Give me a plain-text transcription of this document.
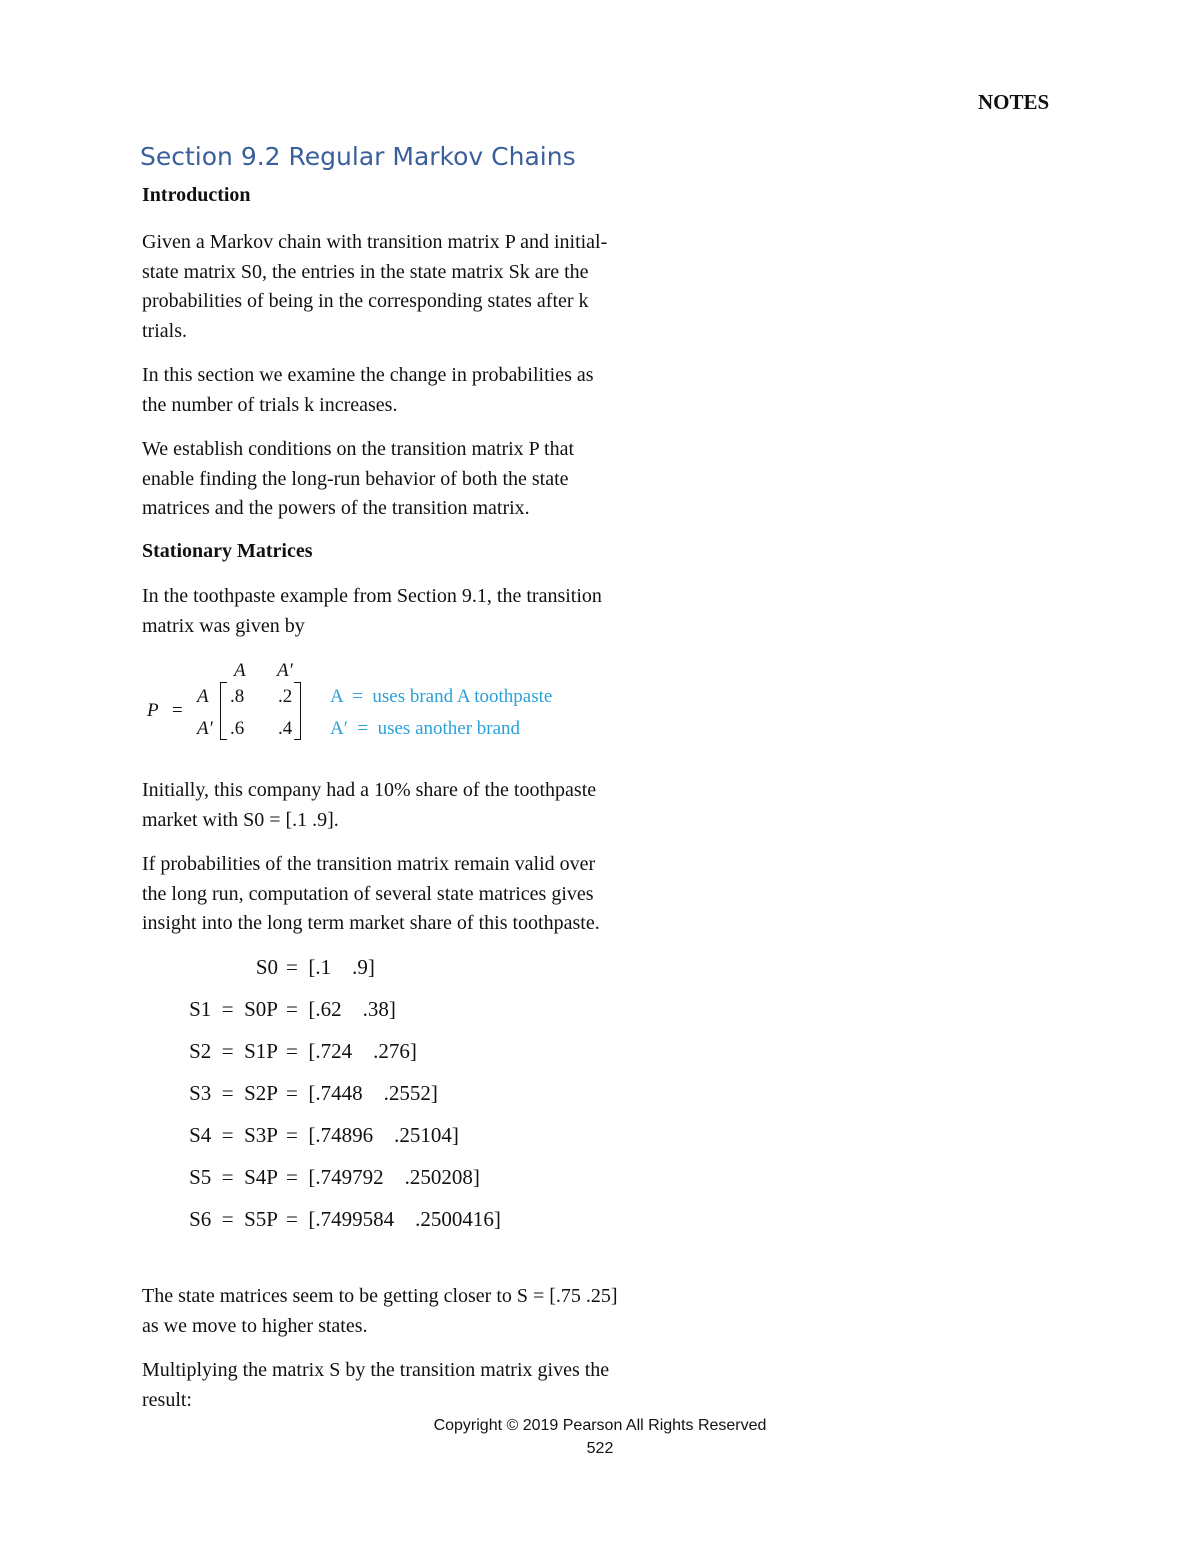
NOTES
Section 9.2 Regular Markov Chains
Introduction

Given a Markov chain with transition matrix P and initial-
state matrix S0, the entries in the state matrix Sk are the
probabilities of being in the corresponding states after k
trials.

In this section we examine the change in probabilities as
the number of trials k increases.

We establish conditions on the transition matrix P that
enable finding the long-run behavior of both the state
matrices and the powers of the transition matrix.

Stationary Matrices

In the toothpaste example from Section 9.1, the transition
matrix was given by

P =
A A′
A
A′
.8 .2
.6 .4
A  =  uses brand A toothpaste
A′  =  uses another brand

Initially, this company had a 10% share of the toothpaste
market with S0 = [.1 .9].

If probabilities of the transition matrix remain valid over
the long run, computation of several state matrices gives
insight into the long term market share of this toothpaste.

S0 =  [.1    .9]
S1  =  S0P =  [.62    .38]
S2  =  S1P =  [.724    .276]
S3  =  S2P =  [.7448    .2552]
S4  =  S3P =  [.74896    .25104]
S5  =  S4P =  [.749792    .250208]
S6  =  S5P =  [.7499584    .2500416]

The state matrices seem to be getting closer to S = [.75 .25]
as we move to higher states.

Multiplying the matrix S by the transition matrix gives the
result:

Copyright © 2019 Pearson All Rights Reserved
522
